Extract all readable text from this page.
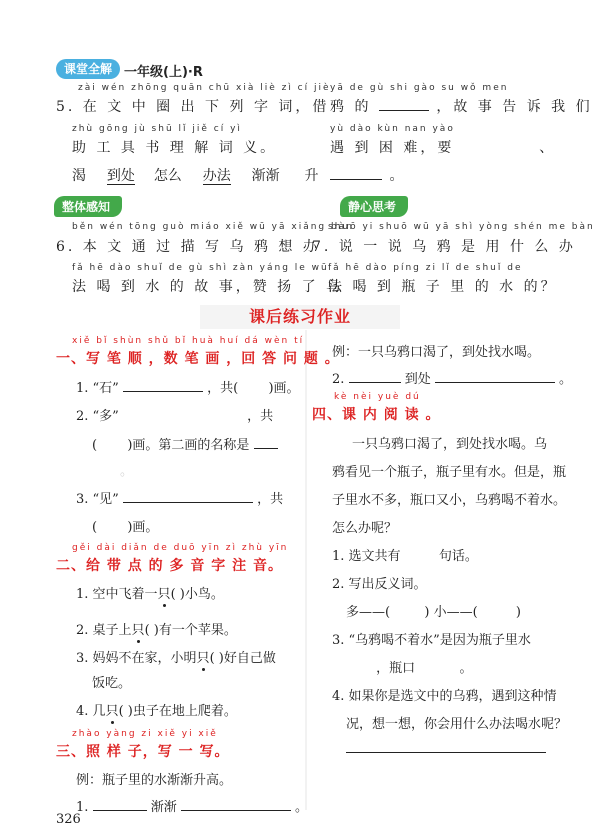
课堂全解 一年级(上)·R
zài wén zhōng quān chū xià liè zì cí jiè
5. 在 文 中 圈 出 下 列 字 词，借
zhù gōng jù shū lǐ jiě cí yì
助 工 具 书 理 解 词 义。
渴 到处 怎么 办法 渐渐 升
整体感知
běn wén tōng guò miáo xiě wū yā xiǎng bàn
6. 本 文 通 过 描 写 乌 鸦 想 办
fǎ hē dào shuǐ de gù shì zàn yáng le wū
法 喝 到 水 的 故 事，赞 扬 了 乌
yā de gù shi gào su wǒ men
鸦 的	，故 事 告 诉 我 们
yù dào kùn nan yào
遇 到 困 难，要	、
。
静心思考
shuō yi shuō wū yā shì yòng shén me bàn
7. 说 一 说 乌 鸦 是 用 什 么 办
fǎ hē dào píng zi lǐ de shuǐ de
法 喝 到 瓶 子 里 的 水 的？
课后练习作业
xiě bǐ shùn shǔ bǐ huà huí dá wèn tí
一、写 笔 顺 ，数 笔 画 ，回 答 问 题 。
1. “石”	，共( )画。
2. “多”	，共
( )画。第二画的名称是
。
3. “见”	，共
( )画。
gěi dài diǎn de duō yīn zì zhù yīn
二、给 带 点 的 多 音 字 注 音。
1. 空中飞着一只( )小鸟。
2. 桌子上只( )有一个苹果。
3. 妈妈不在家，小明只( )好自己做
饭吃。
4. 几只( )虫子在地上爬着。
zhào yàng zi xiě yi xiě
三、照 样 子，写 一 写。
例：瓶子里的水渐渐升高。
1.	渐渐	。
例：一只乌鸦口渴了，到处找水喝。
2.	到处	。
kè nèi yuè dú
四、课 内 阅 读 。
一只乌鸦口渴了，到处找水喝。乌
鸦看见一个瓶子，瓶子里有水。但是，瓶
子里水不多，瓶口又小，乌鸦喝不着水。
怎么办呢？
1. 选文共有	句话。
2. 写出反义词。
多——(	) 小——(	)
3. “乌鸦喝不着水”是因为瓶子里水
，瓶口	。
4. 如果你是选文中的乌鸦，遇到这种情
况，想一想，你会用什么办法喝水呢？
326
